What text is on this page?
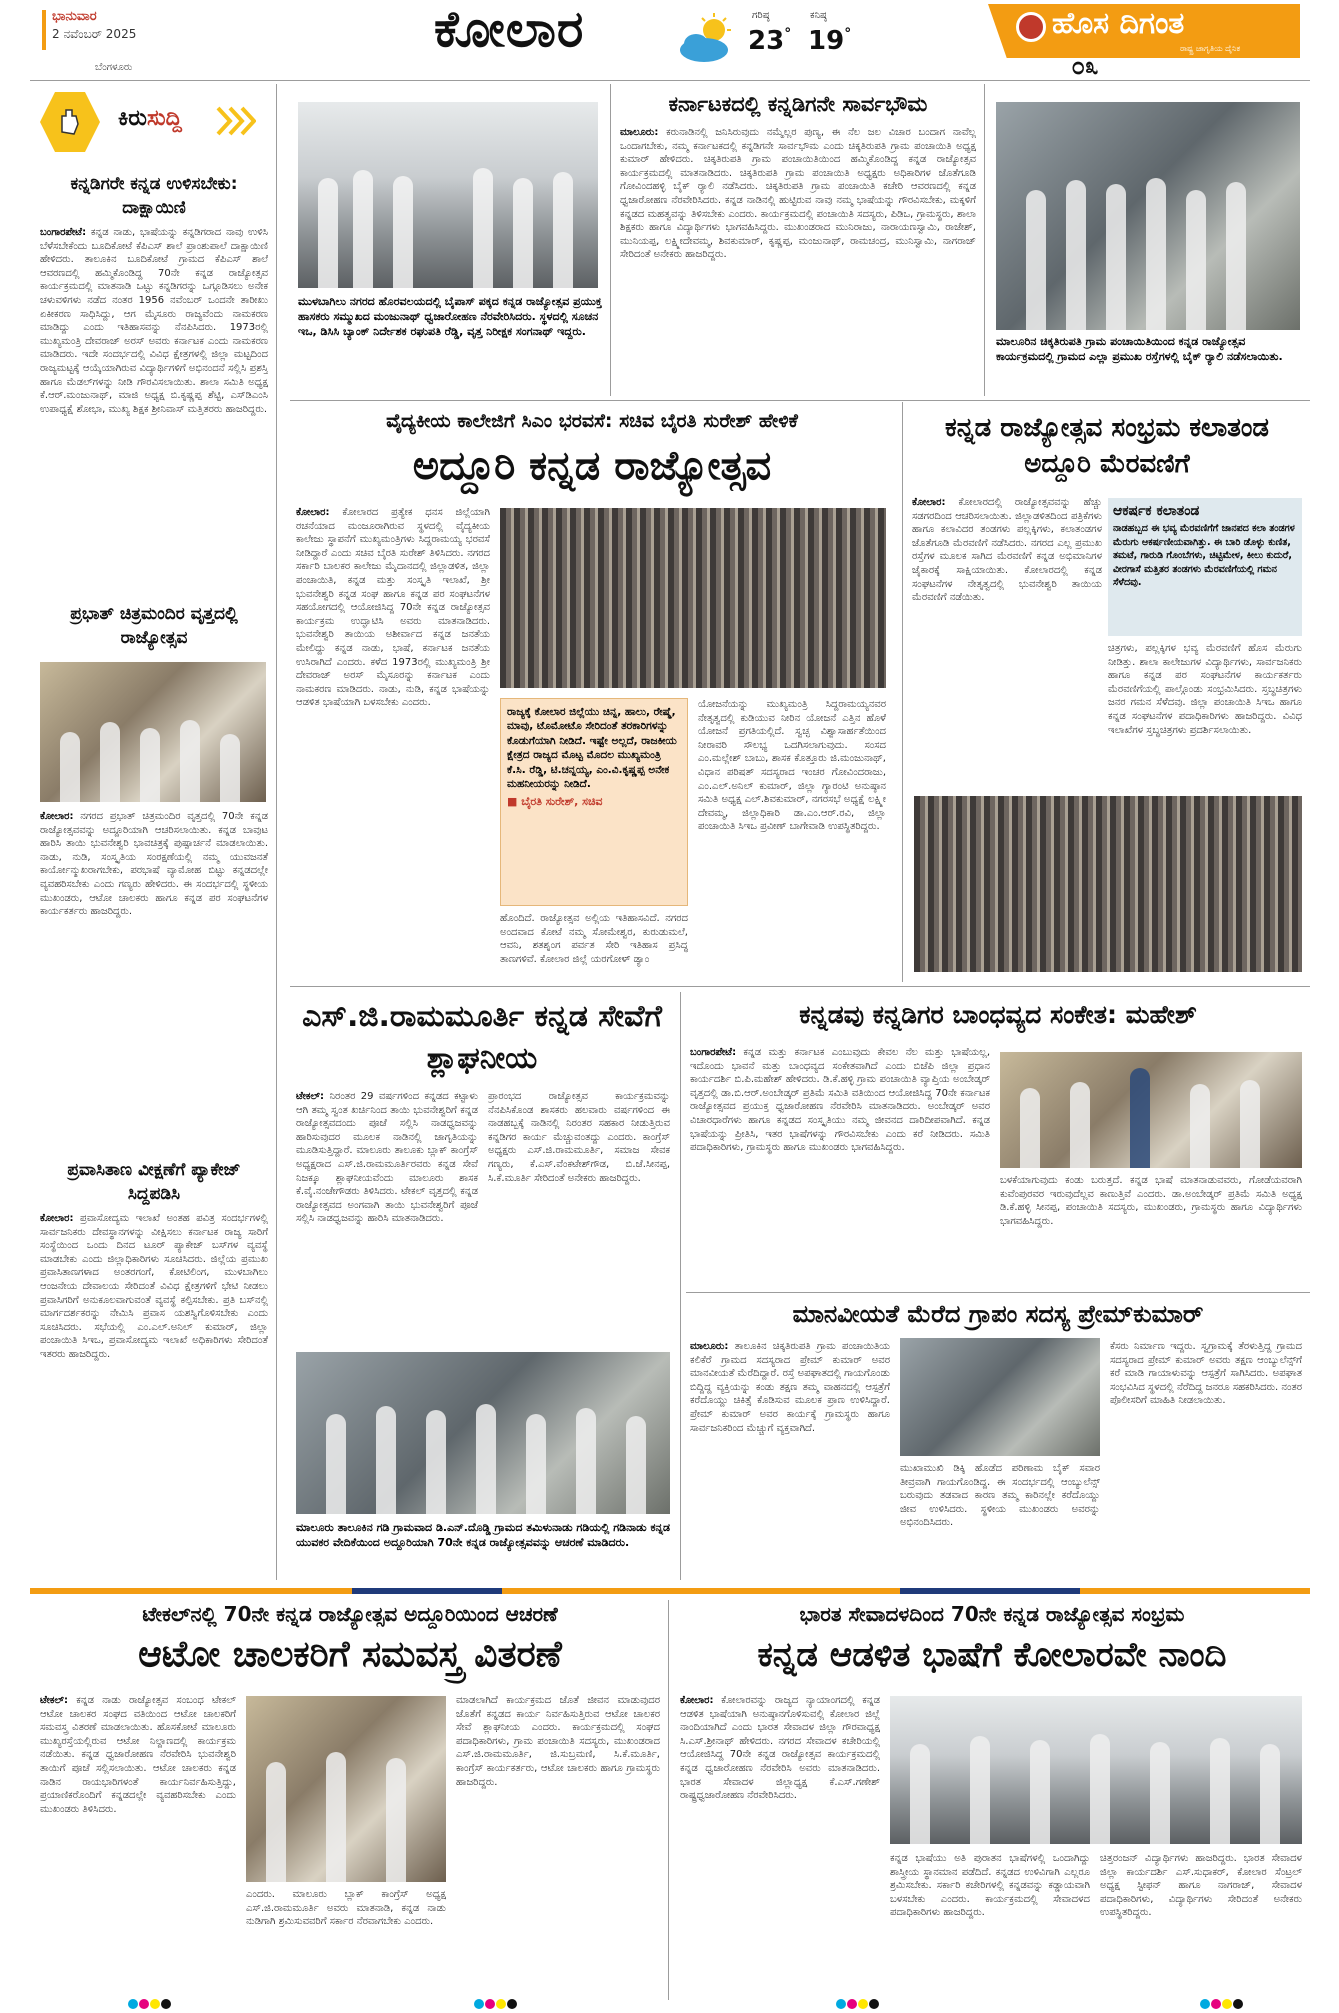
ಭಾನುವಾರ
2 ನವೆಂಬರ್ 2025
ಬೆಂಗಳೂರು
ಕೋಲಾರ	ಗರಿಷ್ಠ
23°
ಕನಿಷ್ಠ
19°	ಹೊಸ ದಿಗಂತ
ರಾಷ್ಟ್ರ ಜಾಗೃತಿಯ ದೈನಿಕ
೦೩
ಕಿರುಸುದ್ದಿ
ಕನ್ನಡಿಗರೇ ಕನ್ನಡ ಉಳಿಸಬೇಕು: ದಾಕ್ಷಾಯಿಣಿ
ಬಂಗಾರಪೇಟೆ: ಕನ್ನಡ ನಾಡು, ಭಾಷೆಯನ್ನು ಕನ್ನಡಿಗರಾದ ನಾವು ಉಳಿಸಿ ಬೆಳೆಸಬೇಕೆಂದು ಬೂದಿಕೋಟೆ ಕೆಪಿಎಸ್ ಶಾಲೆ ಪ್ರಾಂಶುಪಾಲೆ ದಾಕ್ಷಾಯಿಣಿ ಹೇಳಿದರು. ತಾಲೂಕಿನ ಬೂದಿಕೋಟೆ ಗ್ರಾಮದ ಕೆಪಿಎಸ್ ಶಾಲೆ ಆವರಣದಲ್ಲಿ ಹಮ್ಮಿಕೊಂಡಿದ್ದ 70ನೇ ಕನ್ನಡ ರಾಜ್ಯೋತ್ಸವ ಕಾರ್ಯಕ್ರಮದಲ್ಲಿ ಮಾತನಾಡಿ ಒಟ್ಟು ಕನ್ನಡಿಗರನ್ನು ಒಗ್ಗೂಡಿಸಲು ಅನೇಕ ಚಳುವಳಿಗಳು ನಡೆದ ನಂತರ 1956 ನವೆಂಬರ್ ಒಂದನೇ ತಾರೀಖು ಏಕೀಕರಣ ಸಾಧಿಸಿದ್ದು, ಆಗ ಮೈಸೂರು ರಾಜ್ಯವೆಂದು ನಾಮಕರಣ ಮಾಡಿದ್ದು ಎಂದು ಇತಿಹಾಸವನ್ನು ನೆನಪಿಸಿದರು. 1973ರಲ್ಲಿ ಮುಖ್ಯಮಂತ್ರಿ ದೇವರಾಜ್ ಅರಸ್ ಅವರು ಕರ್ನಾಟಕ ಎಂದು ನಾಮಕರಣ ಮಾಡಿದರು. ಇದೇ ಸಂದರ್ಭದಲ್ಲಿ ವಿವಿಧ ಕ್ಷೇತ್ರಗಳಲ್ಲಿ ಜಿಲ್ಲಾ ಮಟ್ಟದಿಂದ ರಾಜ್ಯಮಟ್ಟಕ್ಕೆ ಆಯ್ಕೆಯಾಗಿರುವ ವಿದ್ಯಾರ್ಥಿಗಳಿಗೆ ಅಭಿನಂದನೆ ಸಲ್ಲಿಸಿ ಪ್ರಶಸ್ತಿ ಹಾಗೂ ಮೆಡಲ್‌ಗಳನ್ನು ನೀಡಿ ಗೌರವಿಸಲಾಯಿತು. ಶಾಲಾ ಸಮಿತಿ ಅಧ್ಯಕ್ಷ ಕೆ.ಆರ್.ಮಂಜುನಾಥ್, ಮಾಜಿ ಅಧ್ಯಕ್ಷ ಬಿ.ಕೃಷ್ಣಪ್ಪ ಶೆಟ್ಟಿ, ಎಸ್‌ಡಿಎಂಸಿ ಉಪಾಧ್ಯಕ್ಷೆ ಶೋಭಾ, ಮುಖ್ಯ ಶಿಕ್ಷಕ ಶ್ರೀನಿವಾಸ್ ಮತ್ತಿತರರು ಹಾಜರಿದ್ದರು.
ಪ್ರಭಾತ್ ಚಿತ್ರಮಂದಿರ ವೃತ್ತದಲ್ಲಿ ರಾಜ್ಯೋತ್ಸವ
ಕೋಲಾರ: ನಗರದ ಪ್ರಭಾತ್ ಚಿತ್ರಮಂದಿರ ವೃತ್ತದಲ್ಲಿ 70ನೇ ಕನ್ನಡ ರಾಜ್ಯೋತ್ಸವವನ್ನು ಅದ್ದೂರಿಯಾಗಿ ಆಚರಿಸಲಾಯಿತು. ಕನ್ನಡ ಬಾವುಟ ಹಾರಿಸಿ ತಾಯಿ ಭುವನೇಶ್ವರಿ ಭಾವಚಿತ್ರಕ್ಕೆ ಪುಷ್ಪಾರ್ಚನೆ ಮಾಡಲಾಯಿತು. ನಾಡು, ನುಡಿ, ಸಂಸ್ಕೃತಿಯ ಸಂರಕ್ಷಣೆಯಲ್ಲಿ ನಮ್ಮ ಯುವಜನತೆ ಕಾರ್ಯೋನ್ಮುಖರಾಗಬೇಕು, ಪರಭಾಷೆ ವ್ಯಾಮೋಹ ಬಿಟ್ಟು ಕನ್ನಡದಲ್ಲೇ ವ್ಯವಹರಿಸಬೇಕು ಎಂದು ಗಣ್ಯರು ಹೇಳಿದರು. ಈ ಸಂದರ್ಭದಲ್ಲಿ ಸ್ಥಳೀಯ ಮುಖಂಡರು, ಆಟೋ ಚಾಲಕರು ಹಾಗೂ ಕನ್ನಡ ಪರ ಸಂಘಟನೆಗಳ ಕಾರ್ಯಕರ್ತರು ಹಾಜರಿದ್ದರು.
ಪ್ರವಾಸಿತಾಣ ವೀಕ್ಷಣೆಗೆ ಪ್ಯಾಕೇಜ್ ಸಿದ್ದಪಡಿಸಿ
ಕೋಲಾರ: ಪ್ರವಾಸೋದ್ಯಮ ಇಲಾಖೆ ಅಂತಹ ಪವಿತ್ರ ಸಂದರ್ಭಗಳಲ್ಲಿ ಸಾರ್ವಜನಿಕರು ದೇವಸ್ಥಾನಗಳನ್ನು ವೀಕ್ಷಿಸಲು ಕರ್ನಾಟಕ ರಾಜ್ಯ ಸಾರಿಗೆ ಸಂಸ್ಥೆಯಿಂದ ಒಂದು ದಿನದ ಟೂರ್ ಪ್ಯಾಕೇಜ್ ಬಸ್‌ಗಳ ವ್ಯವಸ್ಥೆ ಮಾಡಬೇಕು ಎಂದು ಜಿಲ್ಲಾಧಿಕಾರಿಗಳು ಸೂಚಿಸಿದರು. ಜಿಲ್ಲೆಯ ಪ್ರಮುಖ ಪ್ರವಾಸಿತಾಣಗಳಾದ ಅಂತರಗಂಗೆ, ಕೋಟಿಲಿಂಗ, ಮುಳಬಾಗಿಲು ಆಂಜನೇಯ ದೇವಾಲಯ ಸೇರಿದಂತೆ ವಿವಿಧ ಕ್ಷೇತ್ರಗಳಿಗೆ ಭೇಟಿ ನೀಡಲು ಪ್ರವಾಸಿಗರಿಗೆ ಅನುಕೂಲವಾಗುವಂತೆ ವ್ಯವಸ್ಥೆ ಕಲ್ಪಿಸಬೇಕು. ಪ್ರತಿ ಬಸ್‌ನಲ್ಲಿ ಮಾರ್ಗದರ್ಶಕರನ್ನು ನೇಮಿಸಿ ಪ್ರವಾಸ ಯಶಸ್ವಿಗೊಳಿಸಬೇಕು ಎಂದು ಸೂಚಿಸಿದರು. ಸಭೆಯಲ್ಲಿ ಎಂ.ಎಲ್.ಅನಿಲ್ ಕುಮಾರ್, ಜಿಲ್ಲಾ ಪಂಚಾಯಿತಿ ಸಿಇಒ, ಪ್ರವಾಸೋದ್ಯಮ ಇಲಾಖೆ ಅಧಿಕಾರಿಗಳು ಸೇರಿದಂತೆ ಇತರರು ಹಾಜರಿದ್ದರು.
ಮುಳಬಾಗಿಲು ನಗರದ ಹೊರವಲಯದಲ್ಲಿ ಬೈಪಾಸ್ ಪಕ್ಕದ ಕನ್ನಡ ರಾಜ್ಯೋತ್ಸವ ಪ್ರಯುಕ್ತ ಹಾಸಕರು ಸಮ್ಮುಖದ ಮಂಜುನಾಥ್ ಧ್ವಜಾರೋಹಣ ನೆರವೇರಿಸಿದರು. ಸ್ಥಳದಲ್ಲಿ ಸೂಚನ ಇಒ, ಡಿಸಿಸಿ ಬ್ಯಾಂಕ್ ನಿರ್ದೇಶಕ ರಘುಪತಿ ರೆಡ್ಡಿ, ವೃತ್ತ ನಿರೀಕ್ಷಕ ಸಂಗನಾಥ್ ಇದ್ದರು.
ಕರ್ನಾಟಕದಲ್ಲಿ ಕನ್ನಡಿಗನೇ ಸಾರ್ವಭೌಮ
ಮಾಲೂರು: ಕರುನಾಡಿನಲ್ಲಿ ಜನಿಸಿರುವುದು ನಮ್ಮೆಲ್ಲರ ಪುಣ್ಯ, ಈ ನೆಲ ಜಲ ವಿಚಾರ ಬಂದಾಗ ನಾವೆಲ್ಲ ಒಂದಾಗಬೇಕು, ನಮ್ಮ ಕರ್ನಾಟಕದಲ್ಲಿ ಕನ್ನಡಿಗನೇ ಸಾರ್ವಭೌಮ ಎಂದು ಚಿಕ್ಕತಿರುಪತಿ ಗ್ರಾಮ ಪಂಚಾಯಿತಿ ಅಧ್ಯಕ್ಷ ಕುಮಾರ್ ಹೇಳಿದರು. ಚಿಕ್ಕತಿರುಪತಿ ಗ್ರಾಮ ಪಂಚಾಯಿತಿಯಿಂದ ಹಮ್ಮಿಕೊಂಡಿದ್ದ ಕನ್ನಡ ರಾಜ್ಯೋತ್ಸವ ಕಾರ್ಯಕ್ರಮದಲ್ಲಿ ಮಾತನಾಡಿದರು. ಚಿಕ್ಕತಿರುಪತಿ ಗ್ರಾಮ ಪಂಚಾಯಿತಿ ಅಧ್ಯಕ್ಷರು ಅಧಿಕಾರಿಗಳ ಜೊತೆಗೂಡಿ ಗೋವಿಂದಹಳ್ಳಿ ಬೈಕ್ ರ‍್ಯಾಲಿ ನಡೆಸಿದರು. ಚಿಕ್ಕತಿರುಪತಿ ಗ್ರಾಮ ಪಂಚಾಯಿತಿ ಕಚೇರಿ ಆವರಣದಲ್ಲಿ ಕನ್ನಡ ಧ್ವಜಾರೋಹಣ ನೆರವೇರಿಸಿದರು. ಕನ್ನಡ ನಾಡಿನಲ್ಲಿ ಹುಟ್ಟಿರುವ ನಾವು ನಮ್ಮ ಭಾಷೆಯನ್ನು ಗೌರವಿಸಬೇಕು, ಮಕ್ಕಳಿಗೆ ಕನ್ನಡದ ಮಹತ್ವವನ್ನು ತಿಳಿಸಬೇಕು ಎಂದರು. ಕಾರ್ಯಕ್ರಮದಲ್ಲಿ ಪಂಚಾಯಿತಿ ಸದಸ್ಯರು, ಪಿಡಿಒ, ಗ್ರಾಮಸ್ಥರು, ಶಾಲಾ ಶಿಕ್ಷಕರು ಹಾಗೂ ವಿದ್ಯಾರ್ಥಿಗಳು ಭಾಗವಹಿಸಿದ್ದರು. ಮುಖಂಡರಾದ ಮುನಿರಾಜು, ನಾರಾಯಣಸ್ವಾಮಿ, ರಾಜೇಶ್, ಮುನಿಯಪ್ಪ, ಲಕ್ಷ್ಮೀದೇವಮ್ಮ, ಶಿವಕುಮಾರ್, ಕೃಷ್ಣಪ್ಪ, ಮಂಜುನಾಥ್, ರಾಮಚಂದ್ರ, ಮುನಿಸ್ವಾಮಿ, ನಾಗರಾಜ್ ಸೇರಿದಂತೆ ಅನೇಕರು ಹಾಜರಿದ್ದರು.
ಮಾಲೂರಿನ ಚಿಕ್ಕತಿರುಪತಿ ಗ್ರಾಮ ಪಂಚಾಯಿತಿಯಿಂದ ಕನ್ನಡ ರಾಜ್ಯೋತ್ಸವ ಕಾರ್ಯಕ್ರಮದಲ್ಲಿ ಗ್ರಾಮದ ಎಲ್ಲಾ ಪ್ರಮುಖ ರಸ್ತೆಗಳಲ್ಲಿ ಬೈಕ್ ರ‍್ಯಾಲಿ ನಡೆಸಲಾಯಿತು.
ವೈದ್ಯಕೀಯ ಕಾಲೇಜಿಗೆ ಸಿಎಂ ಭರವಸೆ: ಸಚಿವ ಬೈರತಿ ಸುರೇಶ್ ಹೇಳಿಕೆ
ಅದ್ದೂರಿ ಕನ್ನಡ ರಾಜ್ಯೋತ್ಸವ
ಕೋಲಾರ: ಕೋಲಾರದ ಪ್ರತ್ಯೇಕ ಧನಸ ಜಿಲ್ಲೆಯಾಗಿ ರಚನೆಯಾದ ಮಂಜೂರಾಗಿರುವ ಸ್ಥಳದಲ್ಲಿ ವೈದ್ಯಕೀಯ ಕಾಲೇಜು ಸ್ಥಾಪನೆಗೆ ಮುಖ್ಯಮಂತ್ರಿಗಳು ಸಿದ್ದರಾಮಯ್ಯ ಭರವಸೆ ನೀಡಿದ್ದಾರೆ ಎಂದು ಸಚಿವ ಬೈರತಿ ಸುರೇಶ್ ತಿಳಿಸಿದರು. ನಗರದ ಸರ್ಕಾರಿ ಬಾಲಕರ ಕಾಲೇಜು ಮೈದಾನದಲ್ಲಿ ಜಿಲ್ಲಾಡಳಿತ, ಜಿಲ್ಲಾ ಪಂಚಾಯಿತಿ, ಕನ್ನಡ ಮತ್ತು ಸಂಸ್ಕೃತಿ ಇಲಾಖೆ, ಶ್ರೀ ಭುವನೇಶ್ವರಿ ಕನ್ನಡ ಸಂಘ ಹಾಗೂ ಕನ್ನಡ ಪರ ಸಂಘಟನೆಗಳ ಸಹಯೋಗದಲ್ಲಿ ಆಯೋಜಿಸಿದ್ದ 70ನೇ ಕನ್ನಡ ರಾಜ್ಯೋತ್ಸವ ಕಾರ್ಯಕ್ರಮ ಉದ್ಘಾಟಿಸಿ ಅವರು ಮಾತನಾಡಿದರು. ಭುವನೇಶ್ವರಿ ತಾಯಿಯ ಅಶೀರ್ವಾದ ಕನ್ನಡ ಜನತೆಯ ಮೇಲಿದ್ದು ಕನ್ನಡ ನಾಡು, ಭಾಷೆ, ಕರ್ನಾಟಕ ಜನತೆಯ ಉಸಿರಾಗಿದೆ ಎಂದರು. ಕಳೆದ 1973ರಲ್ಲಿ ಮುಖ್ಯಮಂತ್ರಿ ಶ್ರೀ ದೇವರಾಜ್ ಅರಸ್ ಮೈಸೂರನ್ನು ಕರ್ನಾಟಕ ಎಂದು ನಾಮಕರಣ ಮಾಡಿದರು. ನಾಡು, ನುಡಿ, ಕನ್ನಡ ಭಾಷೆಯನ್ನು ಆಡಳಿತ ಭಾಷೆಯಾಗಿ ಬಳಸಬೇಕು ಎಂದರು.
ರಾಜ್ಯಕ್ಕೆ ಕೋಲಾರ ಜಿಲ್ಲೆಯು ಚಿನ್ನ, ಹಾಲು, ರೇಷ್ಮೆ, ಮಾವು, ಟೊಮೋಟೊ ಸೇರಿದಂತೆ ತರಕಾರಿಗಳನ್ನು ಕೊಡುಗೆಯಾಗಿ ನೀಡಿದೆ. ಇಷ್ಟೇ ಅಲ್ಲದೆ, ರಾಜಕೀಯ ಕ್ಷೇತ್ರದ ರಾಜ್ಯದ ಮೊಟ್ಟ ಮೊದಲ ಮುಖ್ಯಮಂತ್ರಿ ಕೆ.ಸಿ. ರೆಡ್ಡಿ, ಟಿ.ಚನ್ನಯ್ಯ, ಎಂ.ವಿ.ಕೃಷ್ಣಪ್ಪ ಅನೇಕ ಮಹನೀಯರನ್ನು ನೀಡಿದೆ.
■ ಬೈರತಿ ಸುರೇಶ್, ಸಚಿವ
ಯೋಜನೆಯನ್ನು ಮುಖ್ಯಮಂತ್ರಿ ಸಿದ್ದರಾಮಯ್ಯನವರ ನೇತೃತ್ವದಲ್ಲಿ ಕುಡಿಯುವ ನೀರಿನ ಯೋಜನೆ ಎತ್ತಿನ ಹೊಳೆ ಯೋಜನೆ ಪ್ರಗತಿಯಲ್ಲಿದೆ. ಸ್ವಚ್ಛ ವಿಶ್ವಾಸಾರ್ಹತೆಯಿಂದ ನೀರಾವರಿ ಸೌಲಭ್ಯ ಒದಗಿಸಲಾಗುವುದು. ಸಂಸದ ಎಂ.ಮಲ್ಲೇಶ್ ಬಾಬು, ಶಾಸಕ ಕೊತ್ತೂರು ಜಿ.ಮಂಜುನಾಥ್, ವಿಧಾನ ಪರಿಷತ್ ಸದಸ್ಯರಾದ ಇಂಚರ ಗೋವಿಂದರಾಜು, ಎಂ.ಎಲ್.ಅನಿಲ್ ಕುಮಾರ್, ಜಿಲ್ಲಾ ಗ್ಯಾರಂಟಿ ಅನುಷ್ಠಾನ ಸಮಿತಿ ಅಧ್ಯಕ್ಷ ಎಲ್.ಶಿವಕುಮಾರ್, ನಗರಸಭೆ ಅಧ್ಯಕ್ಷೆ ಲಕ್ಷ್ಮೀ ದೇವಮ್ಮ, ಜಿಲ್ಲಾಧಿಕಾರಿ ಡಾ.ಎಂ.ಆರ್.ರವಿ, ಜಿಲ್ಲಾ ಪಂಚಾಯಿತಿ ಸಿಇಒ ಪ್ರವೀಣ್ ಬಾಗೇವಾಡಿ ಉಪಸ್ಥಿತರಿದ್ದರು.
ಹೊಂದಿದೆ. ರಾಜ್ಯೋತ್ಸವ ಅಲ್ಲಿಯ ಇತಿಹಾಸವಿದೆ. ನಗರದ ಅಂದವಾದ ಕೋಟೆ ನಮ್ಮ ಸೋಮೇಶ್ವರ, ಕುರುಡುಮಲೆ, ಆವನಿ, ಶತಶೃಂಗ ಪರ್ವತ ಸೇರಿ ಇತಿಹಾಸ ಪ್ರಸಿದ್ಧ ತಾಣಗಳಿವೆ. ಕೋಲಾರ ಜಿಲ್ಲೆ ಯರಗೋಳ್ ಡ್ಯಾಂ
ಕನ್ನಡ ರಾಜ್ಯೋತ್ಸವ ಸಂಭ್ರಮ ಕಲಾತಂಡ ಅದ್ದೂರಿ ಮೆರವಣಿಗೆ
ಕೋಲಾರ: ಕೋಲಾರದಲ್ಲಿ ರಾಜ್ಯೋತ್ಸವವನ್ನು ಹೆಚ್ಚು ಸಡಗರದಿಂದ ಆಚರಿಸಲಾಯಿತು. ಜಿಲ್ಲಾಡಳಿತದಿಂದ ಪತ್ರಿಕೆಗಳು ಹಾಗೂ ಕಲಾವಿದರ ತಂಡಗಳು ಪಲ್ಲಕ್ಕಿಗಳು, ಕಲಾತಂಡಗಳ ಜೊತೆಗೂಡಿ ಮೆರವಣಿಗೆ ನಡೆಸಿದರು. ನಗರದ ಎಲ್ಲ ಪ್ರಮುಖ ರಸ್ತೆಗಳ ಮೂಲಕ ಸಾಗಿದ ಮೆರವಣಿಗೆ ಕನ್ನಡ ಅಭಿಮಾನಿಗಳ ಜೈಕಾರಕ್ಕೆ ಸಾಕ್ಷಿಯಾಯಿತು. ಕೋಲಾರದಲ್ಲಿ ಕನ್ನಡ ಸಂಘಟನೆಗಳ ನೇತೃತ್ವದಲ್ಲಿ ಭುವನೇಶ್ವರಿ ತಾಯಿಯ ಮೆರವಣಿಗೆ ನಡೆಯಿತು.
ಆಕರ್ಷಕ ಕಲಾತಂಡ
ನಾಡಹಬ್ಬದ ಈ ಭವ್ಯ ಮೆರವಣಿಗೆಗೆ ಜಾನಪದ ಕಲಾ ತಂಡಗಳ ಮೆರುಗು ಆಕರ್ಷಣೀಯವಾಗಿತ್ತು. ಈ ಬಾರಿ ಡೊಳ್ಳು ಕುಣಿತ, ತಮಟೆ, ಗಾರುಡಿ ಗೊಂಬೆಗಳು, ಚಿಟ್ಟಿಮೇಳ, ಕೀಲು ಕುದುರೆ, ವೀರಗಾಸೆ ಮತ್ತಿತರ ತಂಡಗಳು ಮೆರವಣಿಗೆಯಲ್ಲಿ ಗಮನ ಸೆಳೆದವು.
ಚಿತ್ರಗಳು, ಪಲ್ಲಕ್ಕಿಗಳ ಭವ್ಯ ಮೆರವಣಿಗೆ ಹೊಸ ಮೆರುಗು ನೀಡಿತ್ತು. ಶಾಲಾ ಕಾಲೇಜುಗಳ ವಿದ್ಯಾರ್ಥಿಗಳು, ಸಾರ್ವಜನಿಕರು ಹಾಗೂ ಕನ್ನಡ ಪರ ಸಂಘಟನೆಗಳ ಕಾರ್ಯಕರ್ತರು ಮೆರವಣಿಗೆಯಲ್ಲಿ ಪಾಲ್ಗೊಂಡು ಸಂಭ್ರಮಿಸಿದರು. ಸ್ತಬ್ಧಚಿತ್ರಗಳು ಜನರ ಗಮನ ಸೆಳೆದವು. ಜಿಲ್ಲಾ ಪಂಚಾಯಿತಿ ಸಿಇಒ ಹಾಗೂ ಕನ್ನಡ ಸಂಘಟನೆಗಳ ಪದಾಧಿಕಾರಿಗಳು ಹಾಜರಿದ್ದರು. ವಿವಿಧ ಇಲಾಖೆಗಳ ಸ್ತಬ್ಧಚಿತ್ರಗಳು ಪ್ರದರ್ಶಿಸಲಾಯಿತು.
ಎಸ್.ಜಿ.ರಾಮಮೂರ್ತಿ ಕನ್ನಡ ಸೇವೆಗೆ ಶ್ಲಾಘನೀಯ
ಟೇಕಲ್: ನಿರಂತರ 29 ವರ್ಷಗಳಿಂದ ಕನ್ನಡದ ಕಟ್ಟಾಳು ಆಗಿ ತಮ್ಮ ಸ್ವಂತ ಖರ್ಚಿನಿಂದ ತಾಯಿ ಭುವನೇಶ್ವರಿಗೆ ಕನ್ನಡ ರಾಜ್ಯೋತ್ಸವದಂದು ಪೂಜೆ ಸಲ್ಲಿಸಿ ನಾಡಧ್ವಜವನ್ನು ಹಾರಿಸುವುದರ ಮೂಲಕ ನಾಡಿನಲ್ಲಿ ಜಾಗೃತಿಯನ್ನು ಮೂಡಿಸುತ್ತಿದ್ದಾರೆ. ಮಾಲೂರು ತಾಲೂಕು ಬ್ಲಾಕ್ ಕಾಂಗ್ರೆಸ್ ಅಧ್ಯಕ್ಷರಾದ ಎಸ್.ಜಿ.ರಾಮಮೂರ್ತಿರವರು ಕನ್ನಡ ಸೇವೆ ನಿಜಕ್ಕೂ ಶ್ಲಾಘನೀಯವೆಂದು ಮಾಲೂರು ಶಾಸಕ ಕೆ.ವೈ.ನಂಜೇಗೌಡರು ತಿಳಿಸಿದರು. ಟೇಕಲ್ ವೃತ್ತದಲ್ಲಿ ಕನ್ನಡ ರಾಜ್ಯೋತ್ಸವದ ಅಂಗವಾಗಿ ತಾಯಿ ಭುವನೇಶ್ವರಿಗೆ ಪೂಜೆ ಸಲ್ಲಿಸಿ ನಾಡಧ್ವಜವನ್ನು ಹಾರಿಸಿ ಮಾತನಾಡಿದರು.
ಪ್ರಾರಂಭದ ರಾಜ್ಯೋತ್ಸವ ಕಾರ್ಯಕ್ರಮವನ್ನು ನೆನಪಿಸಿಕೊಂಡ ಶಾಸಕರು ಹಲವಾರು ವರ್ಷಗಳಿಂದ ಈ ನಾಡಹಬ್ಬಕ್ಕೆ ನಾಡಿನಲ್ಲಿ ನಿರಂತರ ಸಹಕಾರ ನೀಡುತ್ತಿರುವ ಕನ್ನಡಿಗರ ಕಾರ್ಯ ಮೆಚ್ಚುವಂತದ್ದು ಎಂದರು. ಕಾಂಗ್ರೆಸ್ ಅಧ್ಯಕ್ಷರು ಎಸ್.ಜಿ.ರಾಮಮೂರ್ತಿ, ಸಮಾಜ ಸೇವಕ ಗಣ್ಯರು, ಕೆ.ಎಸ್.ವೆಂಕಟೇಶ್‌ಗೌಡ, ಬಿ.ಜೆ.ಸೀನಪ್ಪ, ಸಿ.ಕೆ.ಮೂರ್ತಿ ಸೇರಿದಂತೆ ಅನೇಕರು ಹಾಜರಿದ್ದರು.
ಮಾಲೂರು ತಾಲೂಕಿನ ಗಡಿ ಗ್ರಾಮವಾದ ಡಿ.ಎನ್.ದೊಡ್ಡಿ ಗ್ರಾಮದ ತಮಿಳುನಾಡು ಗಡಿಯಲ್ಲಿ ಗಡಿನಾಡು ಕನ್ನಡ ಯುವಕರ ವೇದಿಕೆಯಿಂದ ಅದ್ದೂರಿಯಾಗಿ 70ನೇ ಕನ್ನಡ ರಾಜ್ಯೋತ್ಸವವನ್ನು ಆಚರಣೆ ಮಾಡಿದರು.
ಕನ್ನಡವು ಕನ್ನಡಿಗರ ಬಾಂಧವ್ಯದ ಸಂಕೇತ: ಮಹೇಶ್
ಬಂಗಾರಪೇಟೆ: ಕನ್ನಡ ಮತ್ತು ಕರ್ನಾಟಕ ಎಂಬುವುದು ಕೇವಲ ನೆಲ ಮತ್ತು ಭಾಷೆಯಲ್ಲ, ಇದೊಂದು ಭಾವನೆ ಮತ್ತು ಬಾಂಧವ್ಯದ ಸಂಕೇತವಾಗಿದೆ ಎಂದು ಬಿಜೆಪಿ ಜಿಲ್ಲಾ ಪ್ರಧಾನ ಕಾರ್ಯದರ್ಶಿ ಬಿ.ಪಿ.ಮಹೇಶ್ ಹೇಳಿದರು. ಡಿ.ಕೆ.ಹಳ್ಳಿ ಗ್ರಾಮ ಪಂಚಾಯಿತಿ ವ್ಯಾಪ್ತಿಯ ಅಂಬೇಡ್ಕರ್ ವೃತ್ತದಲ್ಲಿ ಡಾ.ಬಿ.ಆರ್.ಅಂಬೇಡ್ಕರ್ ಪ್ರತಿಮೆ ಸಮಿತಿ ವತಿಯಿಂದ ಆಯೋಜಿಸಿದ್ದ 70ನೇ ಕರ್ನಾಟಕ ರಾಜ್ಯೋತ್ಸವದ ಪ್ರಯುಕ್ತ ಧ್ವಜಾರೋಹಣ ನೆರವೇರಿಸಿ ಮಾತನಾಡಿದರು. ಅಂಬೇಡ್ಕರ್ ಅವರ ವಿಚಾರಧಾರೆಗಳು ಹಾಗೂ ಕನ್ನಡದ ಸಂಸ್ಕೃತಿಯು ನಮ್ಮ ಜೀವನದ ದಾರಿದೀಪವಾಗಿದೆ. ಕನ್ನಡ ಭಾಷೆಯನ್ನು ಪ್ರೀತಿಸಿ, ಇತರ ಭಾಷೆಗಳನ್ನು ಗೌರವಿಸಬೇಕು ಎಂದು ಕರೆ ನೀಡಿದರು. ಸಮಿತಿ ಪದಾಧಿಕಾರಿಗಳು, ಗ್ರಾಮಸ್ಥರು ಹಾಗೂ ಮುಖಂಡರು ಭಾಗವಹಿಸಿದ್ದರು.
ಬಳಕೆಯಾಗುವುದು ಕಂಡು ಬರುತ್ತದೆ. ಕನ್ನಡ ಭಾಷೆ ಮಾತನಾಡುವವರು, ಗೋಡೆಯವರಾಗಿ ಕುವೆಂಪುರವರ ಇರುವುದೆಲ್ಲವ ಕಾಣುತ್ತಿವೆ ಎಂದರು. ಡಾ.ಅಂಬೇಡ್ಕರ್ ಪ್ರತಿಮೆ ಸಮಿತಿ ಅಧ್ಯಕ್ಷ ಡಿ.ಕೆ.ಹಳ್ಳಿ ಸೀನಪ್ಪ, ಪಂಚಾಯಿತಿ ಸದಸ್ಯರು, ಮುಖಂಡರು, ಗ್ರಾಮಸ್ಥರು ಹಾಗೂ ವಿದ್ಯಾರ್ಥಿಗಳು ಭಾಗವಹಿಸಿದ್ದರು.
ಮಾನವೀಯತೆ ಮೆರೆದ ಗ್ರಾಪಂ ಸದಸ್ಯ ಪ್ರೇಮ್‌ಕುಮಾರ್
ಮಾಲೂರು: ತಾಲೂಕಿನ ಚಿಕ್ಕತಿರುಪತಿ ಗ್ರಾಮ ಪಂಚಾಯಿತಿಯ ಕಲಿಕೆರೆ ಗ್ರಾಮದ ಸದಸ್ಯರಾದ ಪ್ರೇಮ್ ಕುಮಾರ್ ಅವರ ಮಾನವೀಯತೆ ಮೆರೆದಿದ್ದಾರೆ. ರಸ್ತೆ ಅಪಘಾತದಲ್ಲಿ ಗಾಯಗೊಂಡು ಬಿದ್ದಿದ್ದ ವ್ಯಕ್ತಿಯನ್ನು ಕಂಡು ತಕ್ಷಣ ತಮ್ಮ ವಾಹನದಲ್ಲಿ ಆಸ್ಪತ್ರೆಗೆ ಕರೆದೊಯ್ದು ಚಿಕಿತ್ಸೆ ಕೊಡಿಸುವ ಮೂಲಕ ಪ್ರಾಣ ಉಳಿಸಿದ್ದಾರೆ. ಪ್ರೇಮ್ ಕುಮಾರ್ ಅವರ ಕಾರ್ಯಕ್ಕೆ ಗ್ರಾಮಸ್ಥರು ಹಾಗೂ ಸಾರ್ವಜನಿಕರಿಂದ ಮೆಚ್ಚುಗೆ ವ್ಯಕ್ತವಾಗಿದೆ.
ಮುಖಾಮುಖಿ ಡಿಕ್ಕಿ ಹೊಡೆದ ಪರಿಣಾಮ ಬೈಕ್ ಸವಾರ ತೀವ್ರವಾಗಿ ಗಾಯಗೊಂಡಿದ್ದ. ಈ ಸಂದರ್ಭದಲ್ಲಿ ಆಂಬ್ಯುಲೆನ್ಸ್ ಬರುವುದು ತಡವಾದ ಕಾರಣ ತಮ್ಮ ಕಾರಿನಲ್ಲೇ ಕರೆದೊಯ್ದು ಜೀವ ಉಳಿಸಿದರು. ಸ್ಥಳೀಯ ಮುಖಂಡರು ಅವರನ್ನು ಅಭಿನಂದಿಸಿದರು.
ಕೆಸರು ನಿರ್ಮಾಣ ಇದ್ದರು. ಸ್ವಗ್ರಾಮಕ್ಕೆ ತೆರಳುತ್ತಿದ್ದ ಗ್ರಾಮದ ಸದಸ್ಯರಾದ ಪ್ರೇಮ್ ಕುಮಾರ್ ಅವರು ತಕ್ಷಣ ಆಂಬ್ಯುಲೆನ್ಸ್‌ಗೆ ಕರೆ ಮಾಡಿ ಗಾಯಾಳುವನ್ನು ಆಸ್ಪತ್ರೆಗೆ ಸಾಗಿಸಿದರು. ಅಪಘಾತ ಸಂಭವಿಸಿದ ಸ್ಥಳದಲ್ಲಿ ನೆರೆದಿದ್ದ ಜನರೂ ಸಹಕರಿಸಿದರು. ನಂತರ ಪೊಲೀಸರಿಗೆ ಮಾಹಿತಿ ನೀಡಲಾಯಿತು.
ಟೇಕಲ್‌ನಲ್ಲಿ 70ನೇ ಕನ್ನಡ ರಾಜ್ಯೋತ್ಸವ ಅದ್ದೂರಿಯಿಂದ ಆಚರಣೆ
ಆಟೋ ಚಾಲಕರಿಗೆ ಸಮವಸ್ತ್ರ ವಿತರಣೆ
ಟೇಕಲ್: ಕನ್ನಡ ನಾಡು ರಾಜ್ಯೋತ್ಸವ ಸಂಬಂಧ ಟೇಕಲ್ ಆಟೋ ಚಾಲಕರ ಸಂಘದ ವತಿಯಿಂದ ಆಟೋ ಚಾಲಕರಿಗೆ ಸಮವಸ್ತ್ರ ವಿತರಣೆ ಮಾಡಲಾಯಿತು. ಹೊಸಕೋಟೆ ಮಾಲೂರು ಮುಖ್ಯರಸ್ತೆಯಲ್ಲಿರುವ ಆಟೋ ನಿಲ್ದಾಣದಲ್ಲಿ ಕಾರ್ಯಕ್ರಮ ನಡೆಯಿತು. ಕನ್ನಡ ಧ್ವಜಾರೋಹಣ ನೆರವೇರಿಸಿ ಭುವನೇಶ್ವರಿ ತಾಯಿಗೆ ಪೂಜೆ ಸಲ್ಲಿಸಲಾಯಿತು. ಆಟೋ ಚಾಲಕರು ಕನ್ನಡ ನಾಡಿನ ರಾಯಭಾರಿಗಳಂತೆ ಕಾರ್ಯನಿರ್ವಹಿಸುತ್ತಿದ್ದು, ಪ್ರಯಾಣಿಕರೊಂದಿಗೆ ಕನ್ನಡದಲ್ಲೇ ವ್ಯವಹರಿಸಬೇಕು ಎಂದು ಮುಖಂಡರು ತಿಳಿಸಿದರು.
ಎಂದರು. ಮಾಲೂರು ಬ್ಲಾಕ್ ಕಾಂಗ್ರೆಸ್ ಅಧ್ಯಕ್ಷ ಎಸ್.ಜಿ.ರಾಮಮೂರ್ತಿ ಅವರು ಮಾತನಾಡಿ, ಕನ್ನಡ ನಾಡು ನುಡಿಗಾಗಿ ಶ್ರಮಿಸುವವರಿಗೆ ಸರ್ಕಾರ ನೆರವಾಗಬೇಕು ಎಂದರು.
ಮಾಡಲಾಗಿದೆ ಕಾರ್ಯಕ್ರಮದ ಜೊತೆ ಜೀವನ ಮಾಡುವುದರ ಜೊತೆಗೆ ಕನ್ನಡದ ಕಾರ್ಯ ನಿರ್ವಹಿಸುತ್ತಿರುವ ಆಟೋ ಚಾಲಕರ ಸೇವೆ ಶ್ಲಾಘನೀಯ ಎಂದರು. ಕಾರ್ಯಕ್ರಮದಲ್ಲಿ ಸಂಘದ ಪದಾಧಿಕಾರಿಗಳು, ಗ್ರಾಮ ಪಂಚಾಯಿತಿ ಸದಸ್ಯರು, ಮುಖಂಡರಾದ ಎಸ್.ಜಿ.ರಾಮಮೂರ್ತಿ, ಜಿ.ಸುಬ್ರಮಣಿ, ಸಿ.ಕೆ.ಮೂರ್ತಿ, ಕಾಂಗ್ರೆಸ್ ಕಾರ್ಯಕರ್ತರು, ಆಟೋ ಚಾಲಕರು ಹಾಗೂ ಗ್ರಾಮಸ್ಥರು ಹಾಜರಿದ್ದರು.
ಭಾರತ ಸೇವಾದಳದಿಂದ 70ನೇ ಕನ್ನಡ ರಾಜ್ಯೋತ್ಸವ ಸಂಭ್ರಮ
ಕನ್ನಡ ಆಡಳಿತ ಭಾಷೆಗೆ ಕೋಲಾರವೇ ನಾಂದಿ
ಕೋಲಾರ: ಕೋಲಾರವನ್ನು ರಾಜ್ಯದ ನ್ಯಾಯಾಂಗದಲ್ಲಿ ಕನ್ನಡ ಆಡಳಿತ ಭಾಷೆಯಾಗಿ ಅನುಷ್ಠಾನಗೊಳಿಸುವಲ್ಲಿ ಕೋಲಾರ ಜಿಲ್ಲೆ ನಾಂದಿಯಾಗಿದೆ ಎಂದು ಭಾರತ ಸೇವಾದಳ ಜಿಲ್ಲಾ ಗೌರವಾಧ್ಯಕ್ಷ ಸಿ.ಎಸ್.ಶ್ರೀನಾಥ್ ಹೇಳಿದರು. ನಗರದ ಸೇವಾದಳ ಕಚೇರಿಯಲ್ಲಿ ಆಯೋಜಿಸಿದ್ದ 70ನೇ ಕನ್ನಡ ರಾಜ್ಯೋತ್ಸವ ಕಾರ್ಯಕ್ರಮದಲ್ಲಿ ಕನ್ನಡ ಧ್ವಜಾರೋಹಣ ನೆರವೇರಿಸಿ ಅವರು ಮಾತನಾಡಿದರು. ಭಾರತ ಸೇವಾದಳ ಜಿಲ್ಲಾಧ್ಯಕ್ಷ ಕೆ.ಎಸ್.ಗಣೇಶ್ ರಾಷ್ಟ್ರಧ್ವಜಾರೋಹಣ ನೆರವೇರಿಸಿದರು.
ಕನ್ನಡ ಭಾಷೆಯು ಅತಿ ಪುರಾತನ ಭಾಷೆಗಳಲ್ಲಿ ಒಂದಾಗಿದ್ದು ಶಾಸ್ತ್ರೀಯ ಸ್ಥಾನಮಾನ ಪಡೆದಿದೆ. ಕನ್ನಡದ ಉಳಿವಿಗಾಗಿ ಎಲ್ಲರೂ ಶ್ರಮಿಸಬೇಕು. ಸರ್ಕಾರಿ ಕಚೇರಿಗಳಲ್ಲಿ ಕನ್ನಡವನ್ನು ಕಡ್ಡಾಯವಾಗಿ ಬಳಸಬೇಕು ಎಂದರು. ಕಾರ್ಯಕ್ರಮದಲ್ಲಿ ಸೇವಾದಳದ ಪದಾಧಿಕಾರಿಗಳು ಹಾಜರಿದ್ದರು.
ಚಿತ್ತರಂಜನ್ ವಿದ್ಯಾರ್ಥಿಗಳು ಹಾಜರಿದ್ದರು. ಭಾರತ ಸೇವಾದಳ ಜಿಲ್ಲಾ ಕಾರ್ಯದರ್ಶಿ ಎಸ್.ಸುಧಾಕರ್, ಕೋಲಾರ ಸೆಂಟ್ರಲ್ ಅಧ್ಯಕ್ಷ ಸ್ಟೀಫನ್ ಹಾಗೂ ನಾಗರಾಜ್, ಸೇವಾದಳ ಪದಾಧಿಕಾರಿಗಳು, ವಿದ್ಯಾರ್ಥಿಗಳು ಸೇರಿದಂತೆ ಅನೇಕರು ಉಪಸ್ಥಿತರಿದ್ದರು.
